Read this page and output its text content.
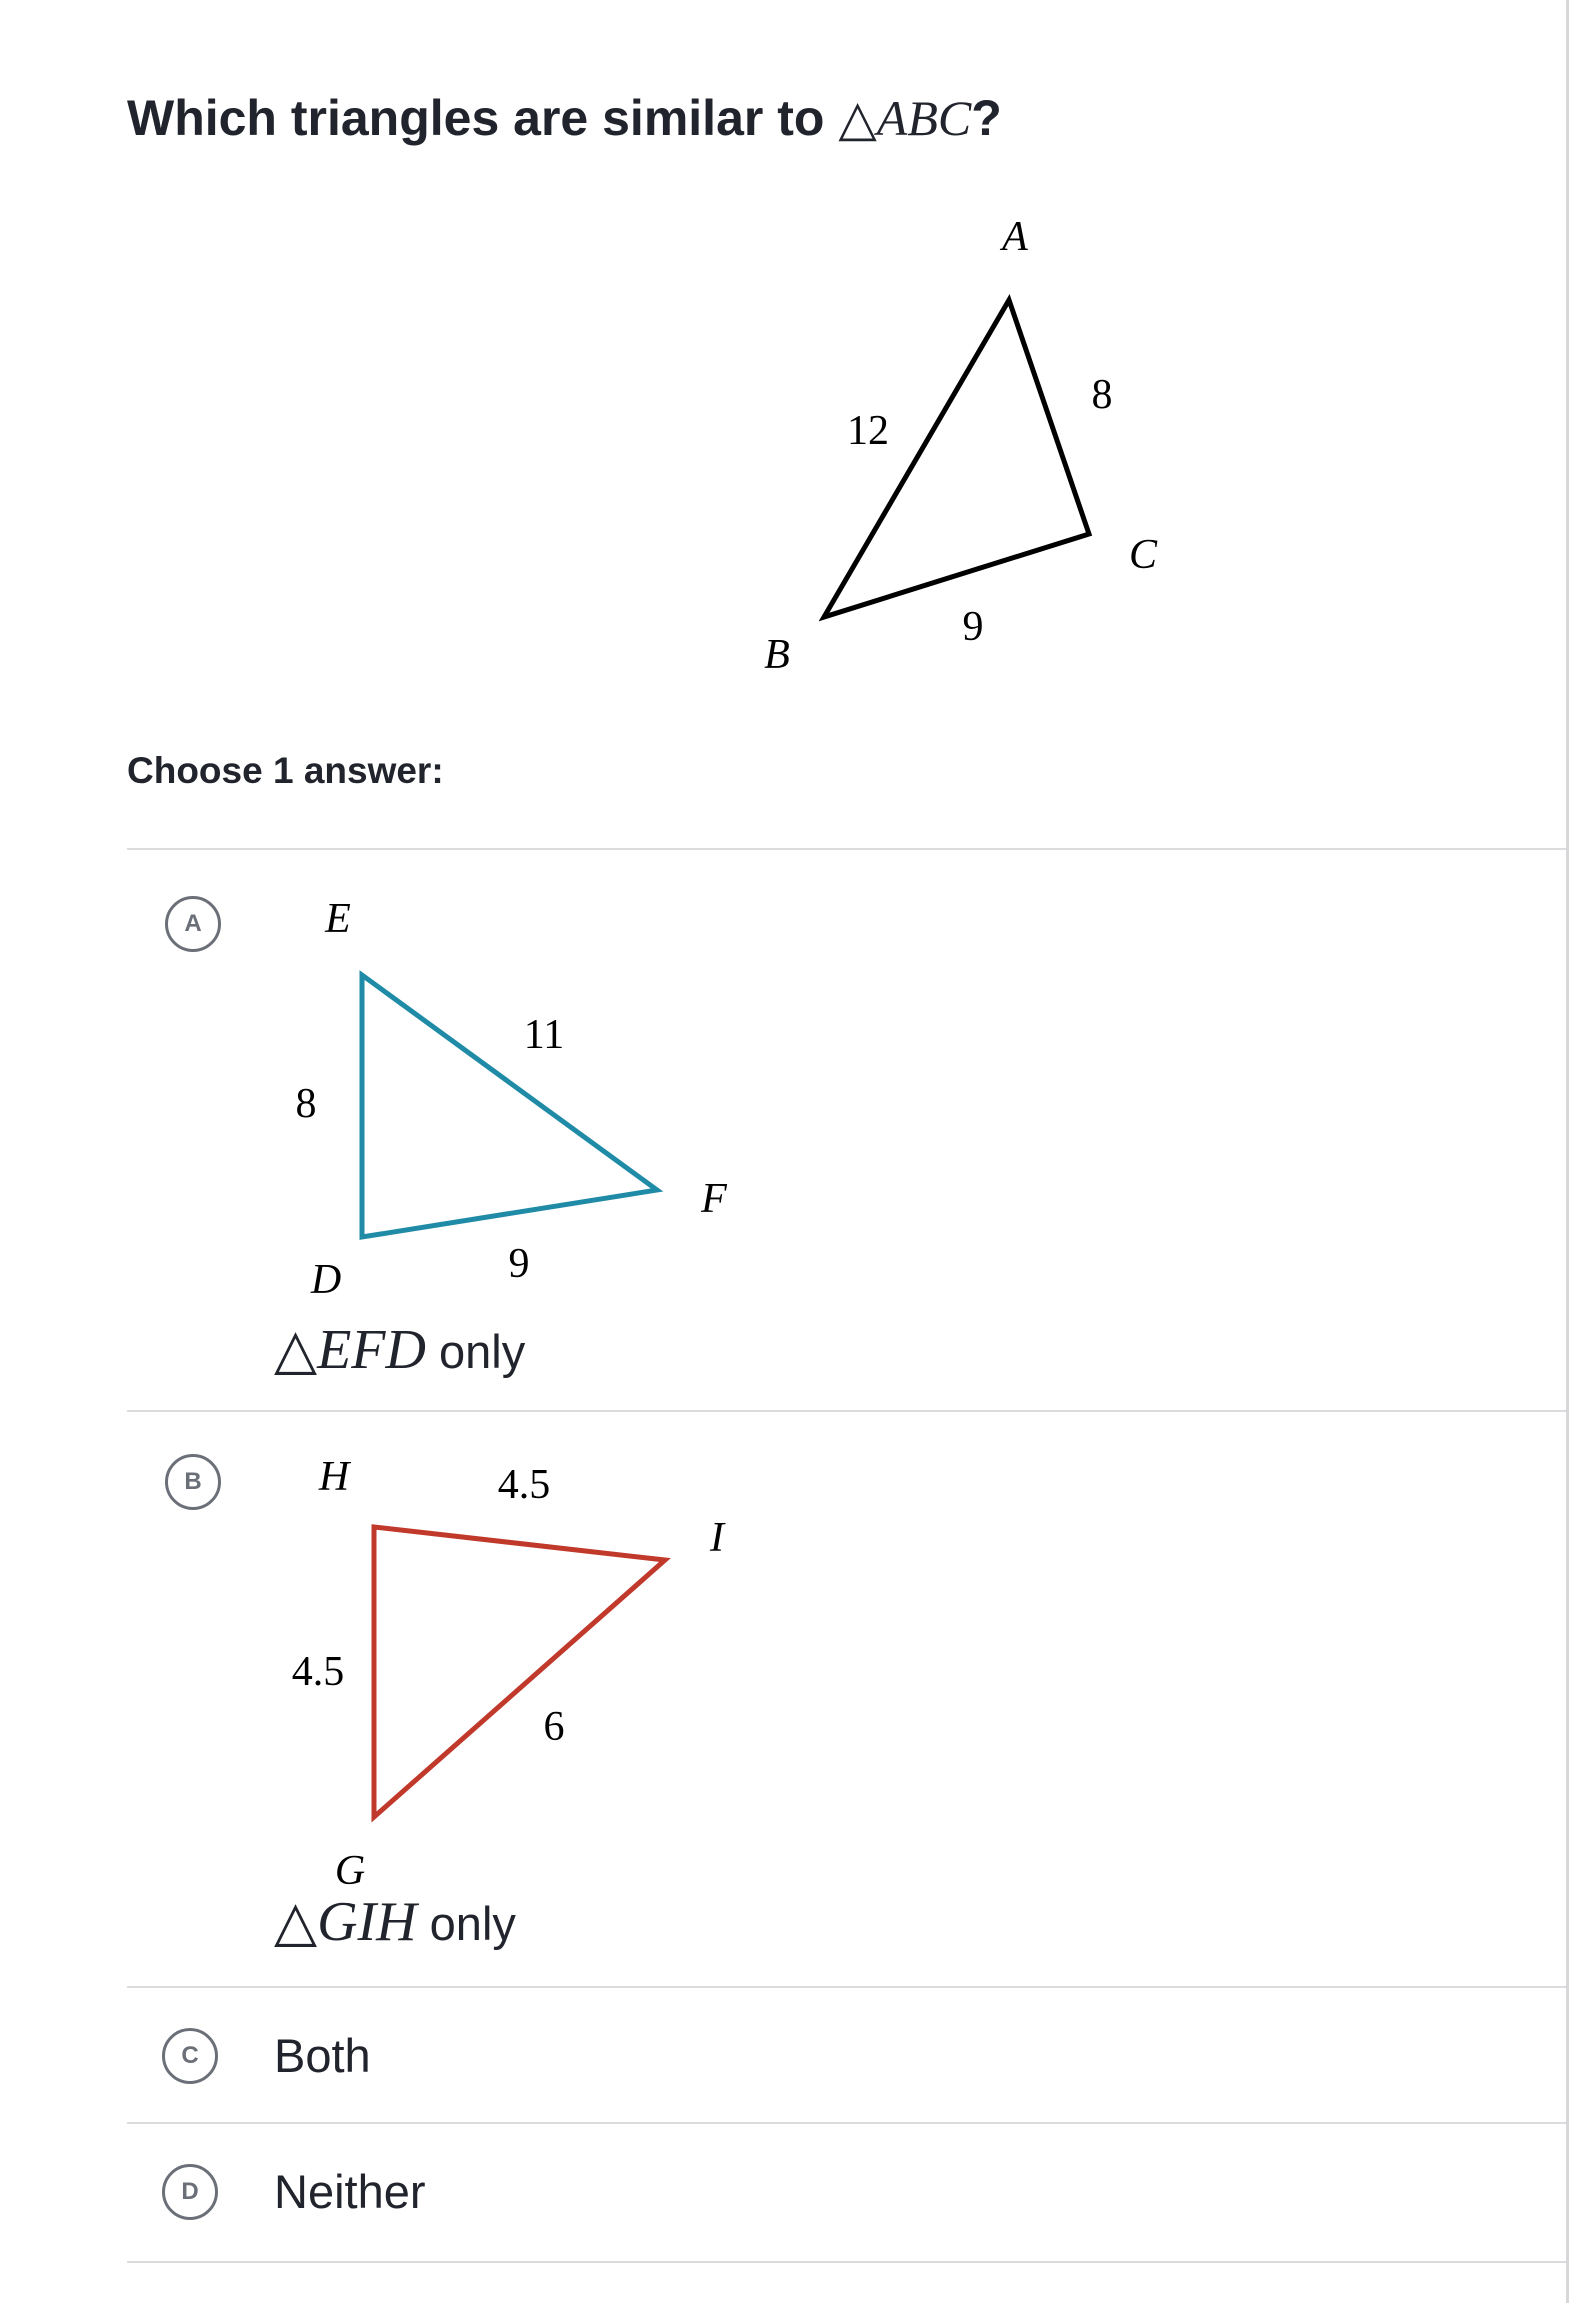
Which triangles are similar to △ABC?
A
B
C
12
8
9
Choose 1 answer:
A	E
D
F
8
11
9
△EFD only
B	H
I
G
4.5
4.5
6
△GIH only
C	Both
D	Neither
